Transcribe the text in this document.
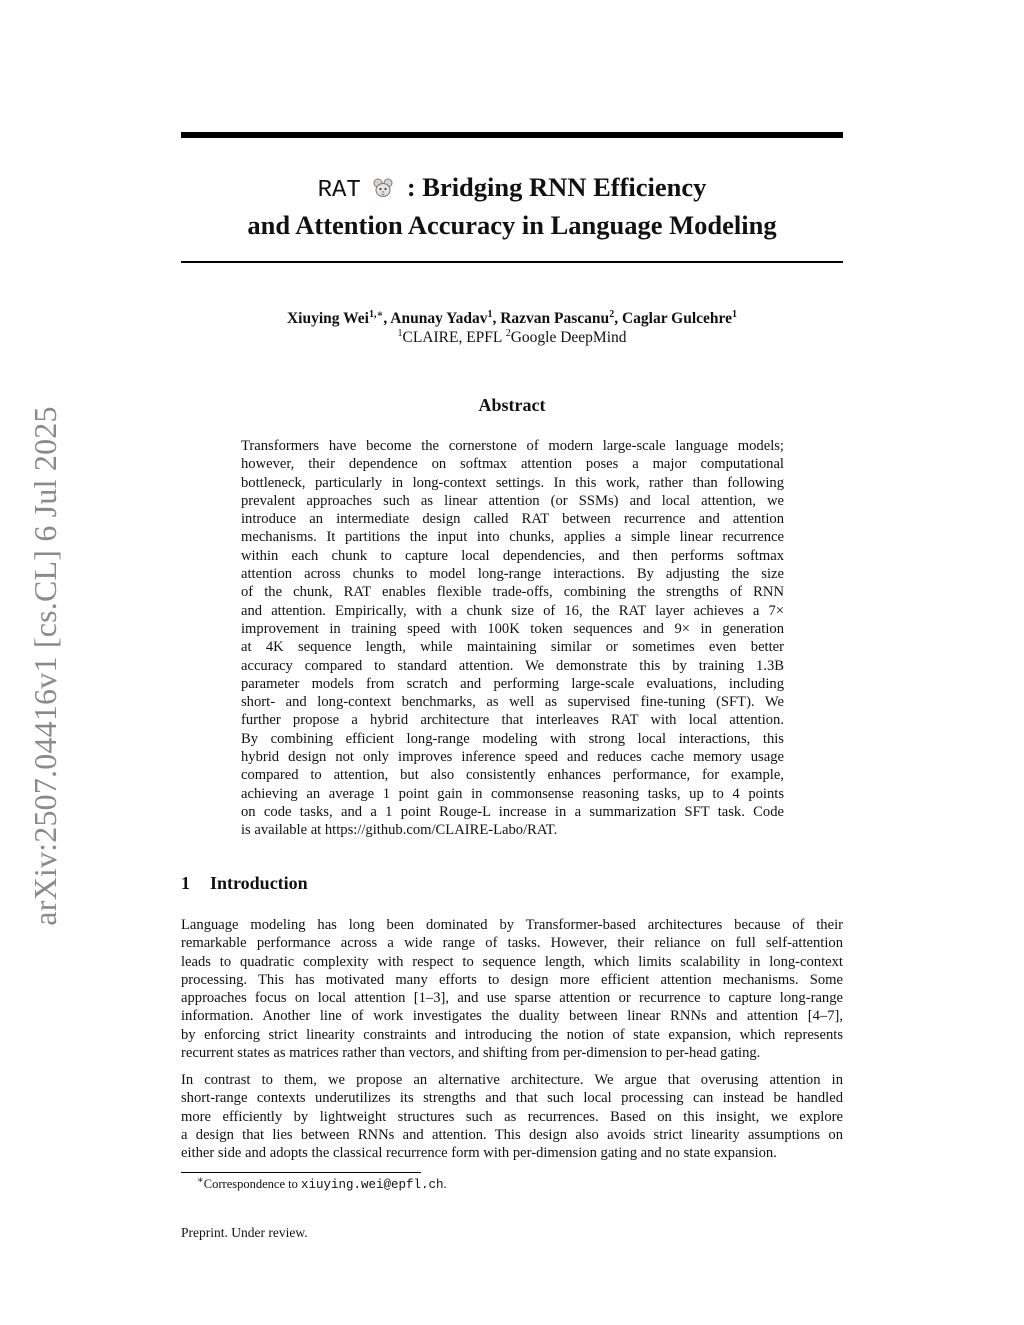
arXiv:2507.04416v1 [cs.CL] 6 Jul 2025
RAT : Bridging RNN Efficiency
and Attention Accuracy in Language Modeling
Xiuying Wei$^{1,∗}$, Anunay Yadav$^1$, Razvan Pascanu$^2$, Caglar Gulcehre$^1$
$^1$CLAIRE, EPFL $^2$Google DeepMind
Abstract
Transformers have become the cornerstone of modern large-scale language models;
however, their dependence on softmax attention poses a major computational
bottleneck, particularly in long-context settings. In this work, rather than following
prevalent approaches such as linear attention (or SSMs) and local attention, we
introduce an intermediate design called RAT between recurrence and attention
mechanisms. It partitions the input into chunks, applies a simple linear recurrence
within each chunk to capture local dependencies, and then performs softmax
attention across chunks to model long-range interactions. By adjusting the size
of the chunk, RAT enables flexible trade-offs, combining the strengths of RNN
and attention. Empirically, with a chunk size of 16, the RAT layer achieves a 7×
improvement in training speed with 100K token sequences and 9× in generation
at 4K sequence length, while maintaining similar or sometimes even better
accuracy compared to standard attention. We demonstrate this by training 1.3B
parameter models from scratch and performing large-scale evaluations, including
short- and long-context benchmarks, as well as supervised fine-tuning (SFT). We
further propose a hybrid architecture that interleaves RAT with local attention.
By combining efficient long-range modeling with strong local interactions, this
hybrid design not only improves inference speed and reduces cache memory usage
compared to attention, but also consistently enhances performance, for example,
achieving an average 1 point gain in commonsense reasoning tasks, up to 4 points
on code tasks, and a 1 point Rouge-L increase in a summarization SFT task. Code
is available at https://github.com/CLAIRE-Labo/RAT.
1 Introduction
Language modeling has long been dominated by Transformer-based architectures because of their
remarkable performance across a wide range of tasks. However, their reliance on full self-attention
leads to quadratic complexity with respect to sequence length, which limits scalability in long-context
processing. This has motivated many efforts to design more efficient attention mechanisms. Some
approaches focus on local attention [1–3], and use sparse attention or recurrence to capture long-range
information. Another line of work investigates the duality between linear RNNs and attention [4–7],
by enforcing strict linearity constraints and introducing the notion of state expansion, which represents
recurrent states as matrices rather than vectors, and shifting from per-dimension to per-head gating.
In contrast to them, we propose an alternative architecture. We argue that overusing attention in
short-range contexts underutilizes its strengths and that such local processing can instead be handled
more efficiently by lightweight structures such as recurrences. Based on this insight, we explore
a design that lies between RNNs and attention. This design also avoids strict linearity assumptions on
either side and adopts the classical recurrence form with per-dimension gating and no state expansion.
∗Correspondence to xiuying.wei@epfl.ch.
Preprint. Under review.
